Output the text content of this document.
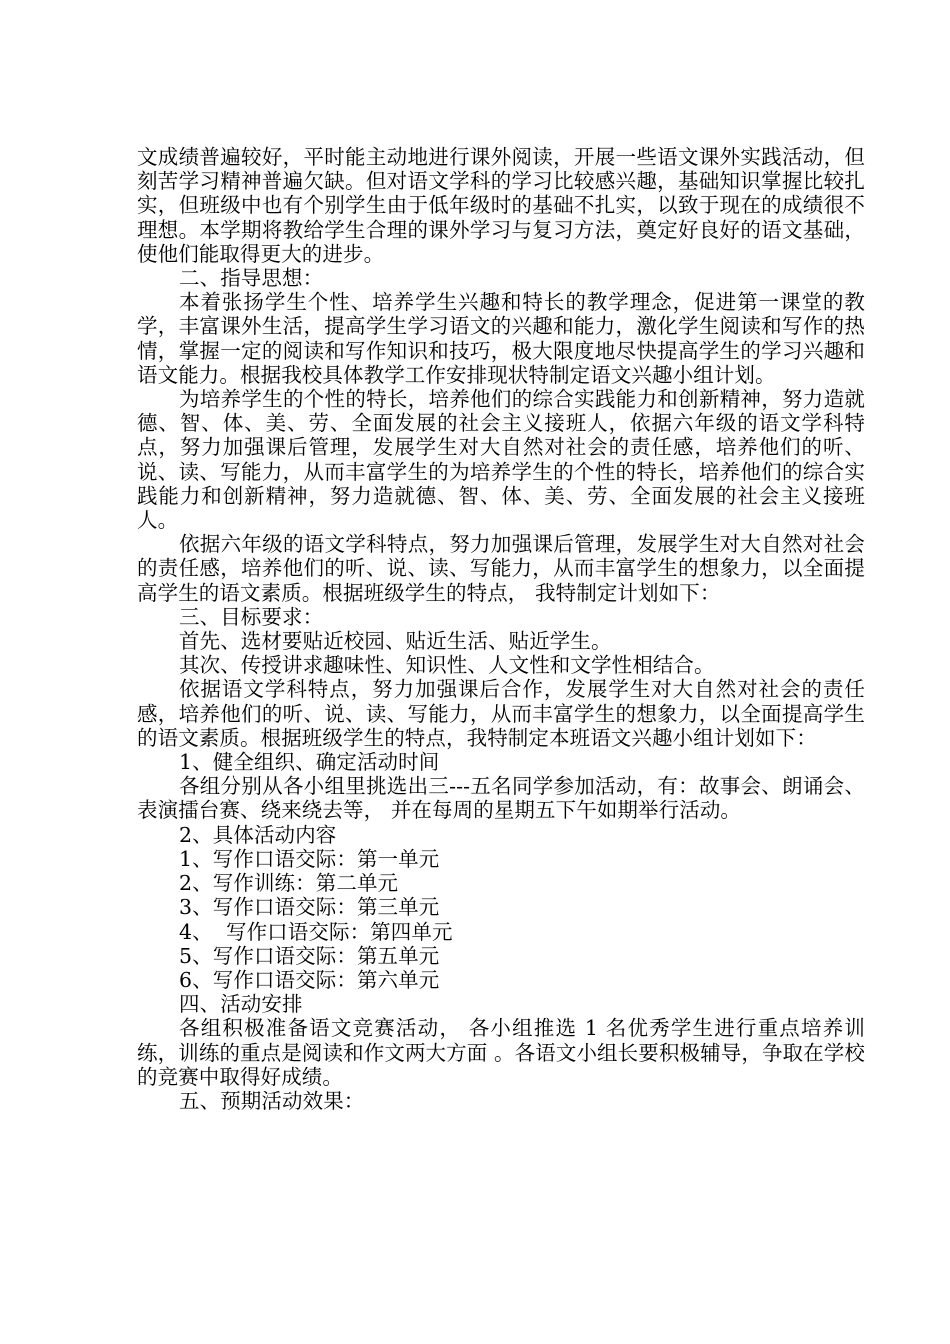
文成绩普遍较好，平时能主动地进行课外阅读，开展一些语文课外实践活动，但刻苦学习精神普遍欠缺。但对语文学科的学习比较感兴趣，基础知识掌握比较扎实，但班级中也有个别学生由于低年级时的基础不扎实，以致于现在的成绩很不理想。本学期将教给学生合理的课外学习与复习方法，奠定好良好的语文基础， 使他们能取得更大的进步。

二、指导思想：

本着张扬学生个性、培养学生兴趣和特长的教学理念，促进第一课堂的教学，丰富课外生活，提高学生学习语文的兴趣和能力，激化学生阅读和写作的热情，掌握一定的阅读和写作知识和技巧，极大限度地尽快提高学生的学习兴趣和语文能力。根据我校具体教学工作安排现状特制定语文兴趣小组计划。

为培养学生的个性的特长，培养他们的综合实践能力和创新精神，努力造就德、智、体、美、劳、全面发展的社会主义接班人，依据六年级的语文学科特点，努力加强课后管理，发展学生对大自然对社会的责任感，培养他们的听、说、读、写能力，从而丰富学生的为培养学生的个性的特长，培养他们的综合实践能力和创新精神，努力造就德、智、体、美、劳、全面发展的社会主义接班人。

依据六年级的语文学科特点，努力加强课后管理，发展学生对大自然对社会的责任感，培养他们的听、说、读、写能力，从而丰富学生的想象力，以全面提高学生的语文素质。根据班级学生的特点， 我特制定计划如下：

三、目标要求：

首先、选材要贴近校园、贴近生活、贴近学生。

其次、传授讲求趣味性、知识性、人文性和文学性相结合。

依据语文学科特点，努力加强课后合作，发展学生对大自然对社会的责任感，培养他们的听、说、读、写能力，从而丰富学生的想象力，以全面提高学生的语文素质。根据班级学生的特点，我特制定本班语文兴趣小组计划如下：

1、健全组织、确定活动时间

各组分别从各小组里挑选出三---五名同学参加活动，有：故事会、朗诵会、表演擂台赛、绕来绕去等， 并在每周的星期五下午如期举行活动。

2、具体活动内容

1、写作口语交际：第一单元

2、写作训练：第二单元

3、写作口语交际：第三单元

4、  写作口语交际：第四单元

5、写作口语交际：第五单元

6、写作口语交际：第六单元

四、活动安排

各组积极准备语文竞赛活动， 各小组推选 1 名优秀学生进行重点培养训练，训练的重点是阅读和作文两大方面 。各语文小组长要积极辅导，争取在学校的竞赛中取得好成绩。

五、预期活动效果：
